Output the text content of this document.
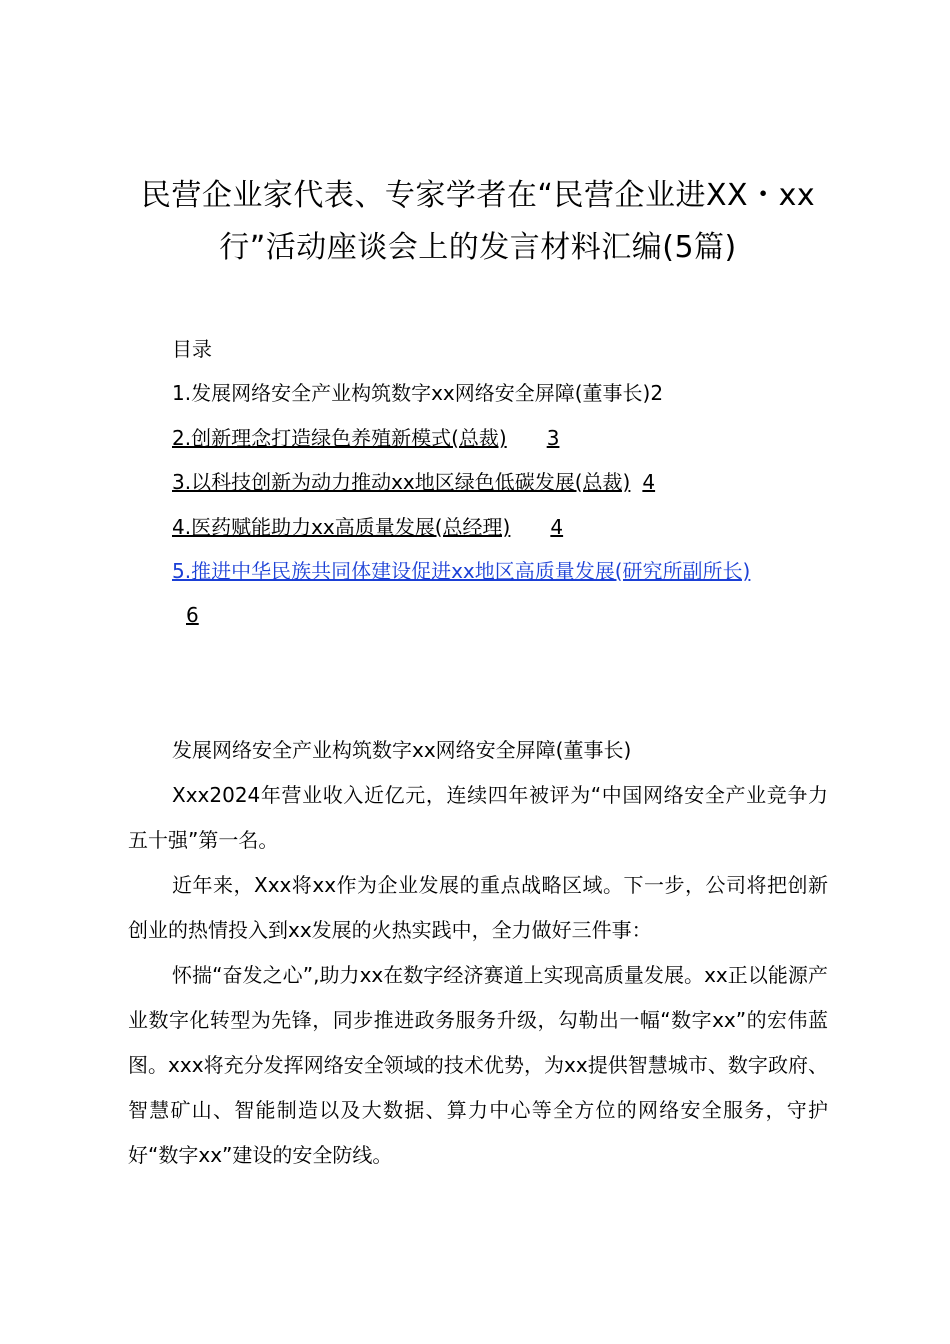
民营企业家代表、专家学者在“民营企业进XX・xx行”活动座谈会上的发言材料汇编(5篇)
目录
1.发展网络安全产业构筑数字xx网络安全屏障(董事长)2
2.创新理念打造绿色养殖新模式(总裁) 3
3.以科技创新为动力推动xx地区绿色低碳发展(总裁) 4
4.医药赋能助力xx高质量发展(总经理) 4
5.推进中华民族共同体建设促进xx地区高质量发展(研究所副所长)
6
发展网络安全产业构筑数字xx网络安全屏障(董事长)

Xxx2024年营业收入近亿元，连续四年被评为“中国网络安全产业竞争力五十强”第一名。

近年来，Xxx将xx作为企业发展的重点战略区域。下一步，公司将把创新创业的热情投入到xx发展的火热实践中，全力做好三件事：

怀揣“奋发之心”,助力xx在数字经济赛道上实现高质量发展。xx正以能源产业数字化转型为先锋，同步推进政务服务升级，勾勒出一幅“数字xx”的宏伟蓝图。xxx将充分发挥网络安全领域的技术优势，为xx提供智慧城市、数字政府、智慧矿山、智能制造以及大数据、算力中心等全方位的网络安全服务，守护好“数字xx”建设的安全防线。
